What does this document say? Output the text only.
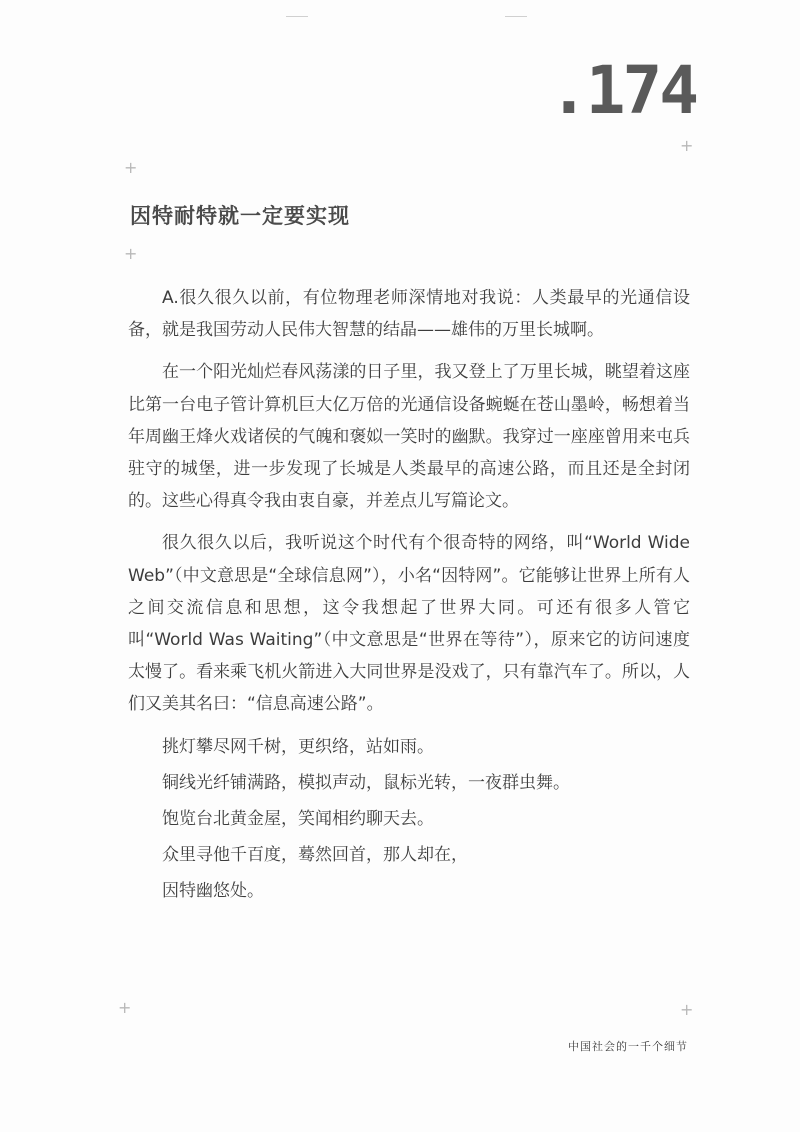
.174
+
+
+
+	+
因特耐特就一定要实现

A.很久很久以前，有位物理老师深情地对我说：人类最早的光通信设备，就是我国劳动人民伟大智慧的结晶——雄伟的万里长城啊。

在一个阳光灿烂春风荡漾的日子里，我又登上了万里长城，眺望着这座比第一台电子管计算机巨大亿万倍的光通信设备蜿蜒在苍山墨岭，畅想着当年周幽王烽火戏诸侯的气魄和褒姒一笑时的幽默。我穿过一座座曾用来屯兵驻守的城堡，进一步发现了长城是人类最早的高速公路，而且还是全封闭的。这些心得真令我由衷自豪，并差点儿写篇论文。

很久很久以后，我听说这个时代有个很奇特的网络，叫“World Wide Web”（中文意思是“全球信息网”），小名“因特网”。它能够让世界上所有人之间交流信息和思想，这令我想起了世界大同。可还有很多人管它叫“World Was Waiting”（中文意思是“世界在等待”），原来它的访问速度太慢了。看来乘飞机火箭进入大同世界是没戏了，只有靠汽车了。所以，人们又美其名曰：“信息高速公路”。

挑灯攀尽网千树，更织络，站如雨。

铜线光纤铺满路，模拟声动，鼠标光转，一夜群虫舞。

饱览台北黄金屋，笑闻相约聊天去。

众里寻他千百度，蓦然回首，那人却在，

因特幽悠处。

中国社会的一千个细节
